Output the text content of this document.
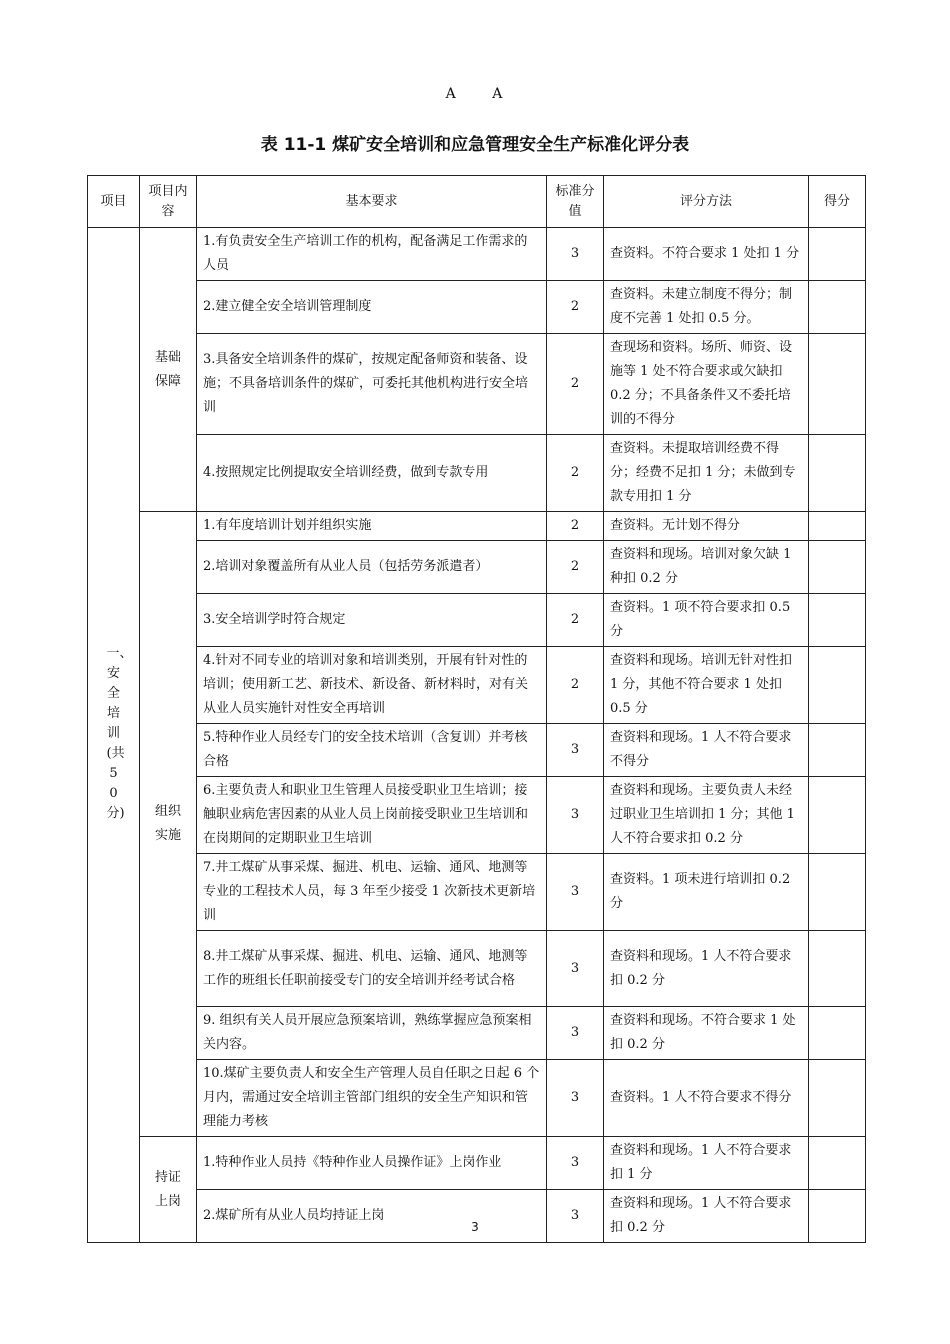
A A
表 11-1 煤矿安全培训和应急管理安全生产标准化评分表
项目	项目内容	基本要求	标准分值	评分方法	得分
一、安全培训(共50分)	基础保障	1.有负责安全生产培训工作的机构，配备满足工作需求的人员	3	查资料。不符合要求 1 处扣 1 分	
		2.建立健全安全培训管理制度	2	查资料。未建立制度不得分；制度不完善 1 处扣 0.5 分。	
		3.具备安全培训条件的煤矿，按规定配备师资和装备、设施；不具备培训条件的煤矿，可委托其他机构进行安全培训	2	查现场和资料。场所、师资、设施等 1 处不符合要求或欠缺扣 0.2 分；不具备条件又不委托培训的不得分	
		4.按照规定比例提取安全培训经费，做到专款专用	2	查资料。未提取培训经费不得分；经费不足扣 1 分；未做到专款专用扣 1 分	
	组织实施	1.有年度培训计划并组织实施	2	查资料。无计划不得分	
		2.培训对象覆盖所有从业人员（包括劳务派遣者）	2	查资料和现场。培训对象欠缺 1 种扣 0.2 分	
		3.安全培训学时符合规定	2	查资料。1 项不符合要求扣 0.5 分	
		4.针对不同专业的培训对象和培训类别，开展有针对性的培训；使用新工艺、新技术、新设备、新材料时，对有关从业人员实施针对性安全再培训	2	查资料和现场。培训无针对性扣 1 分，其他不符合要求 1 处扣 0.5 分	
		5.特种作业人员经专门的安全技术培训（含复训）并考核合格	3	查资料和现场。1 人不符合要求不得分	
		6.主要负责人和职业卫生管理人员接受职业卫生培训；接触职业病危害因素的从业人员上岗前接受职业卫生培训和在岗期间的定期职业卫生培训	3	查资料和现场。主要负责人未经过职业卫生培训扣 1 分；其他 1 人不符合要求扣 0.2 分	
		7.井工煤矿从事采煤、掘进、机电、运输、通风、地测等专业的工程技术人员，每 3 年至少接受 1 次新技术更新培训	3	查资料。1 项未进行培训扣 0.2 分	
		8.井工煤矿从事采煤、掘进、机电、运输、通风、地测等工作的班组长任职前接受专门的安全培训并经考试合格	3	查资料和现场。1 人不符合要求扣 0.2 分	
		9. 组织有关人员开展应急预案培训，熟练掌握应急预案相关内容。	3	查资料和现场。不符合要求 1 处扣 0.2 分	
		10.煤矿主要负责人和安全生产管理人员自任职之日起 6 个月内，需通过安全培训主管部门组织的安全生产知识和管理能力考核	3	查资料。1 人不符合要求不得分	
	持证上岗	1.特种作业人员持《特种作业人员操作证》上岗作业	3	查资料和现场。1 人不符合要求扣 1 分	
		2.煤矿所有从业人员均持证上岗	3	查资料和现场。1 人不符合要求扣 0.2 分	
3
